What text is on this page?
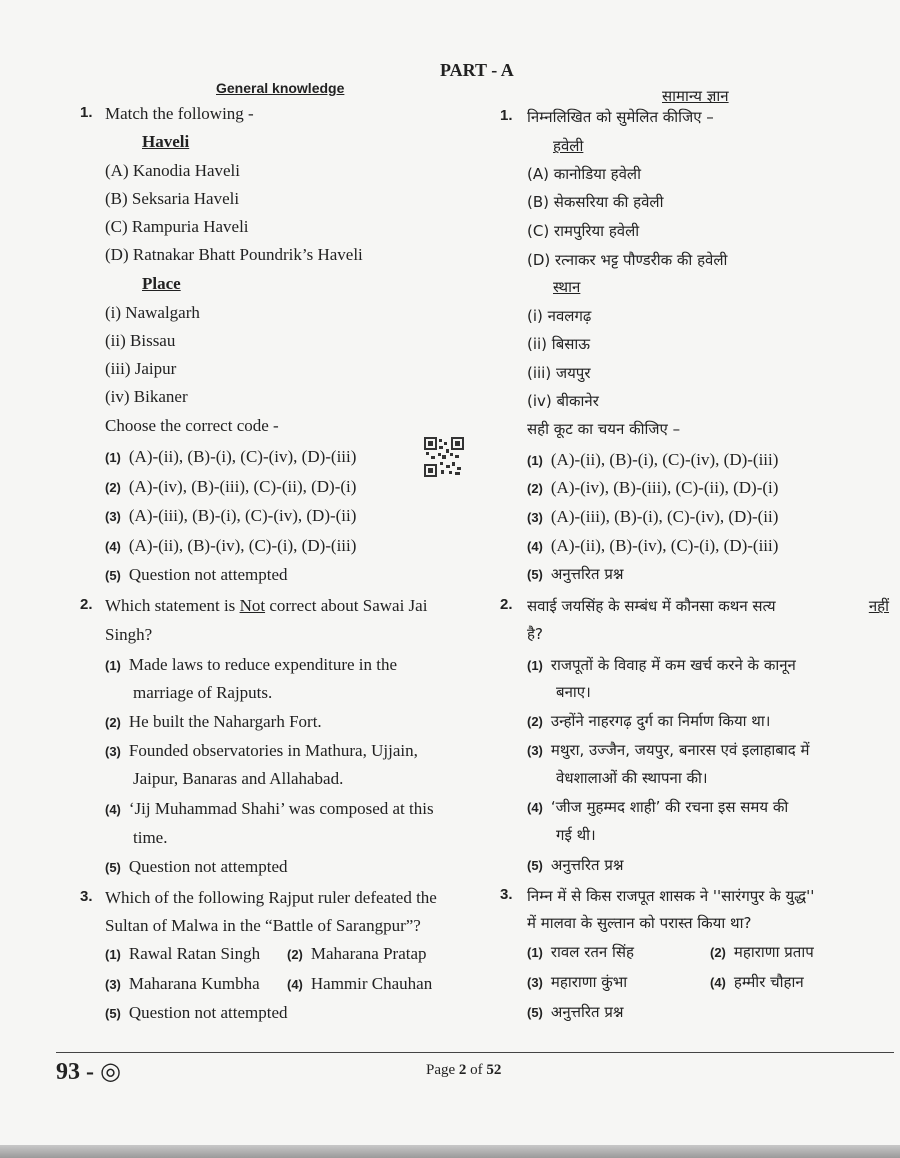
PART - A
General knowledge	सामान्य ज्ञान
1. Match the following -
Haveli
(A) Kanodia Haveli
(B) Seksaria Haveli
(C) Rampuria Haveli
(D) Ratnakar Bhatt Poundrik’s Haveli
Place
(i) Nawalgarh
(ii) Bissau
(iii) Jaipur
(iv) Bikaner
Choose the correct code -
(1) (A)-(ii), (B)-(i), (C)-(iv), (D)-(iii)
(2) (A)-(iv), (B)-(iii), (C)-(ii), (D)-(i)
(3) (A)-(iii), (B)-(i), (C)-(iv), (D)-(ii)
(4) (A)-(ii), (B)-(iv), (C)-(i), (D)-(iii)
(5) Question not attempted
2. Which statement is Not correct about Sawai Jai
Singh?
(1) Made laws to reduce expenditure in the
marriage of Rajputs.
(2) He built the Nahargarh Fort.
(3) Founded observatories in Mathura, Ujjain,
Jaipur, Banaras and Allahabad.
(4) ‘Jij Muhammad Shahi’ was composed at this
time.
(5) Question not attempted
3. Which of the following Rajput ruler defeated the
Sultan of Malwa in the “Battle of Sarangpur”?
(1) Rawal Ratan Singh (2) Maharana Pratap
(3) Maharana Kumbha (4) Hammir Chauhan
(5) Question not attempted
1. निम्नलिखित को सुमेलित कीजिए –
हवेली
(A) कानोडिया हवेली
(B) सेकसरिया की हवेली
(C) रामपुरिया हवेली
(D) रत्नाकर भट्ट पौण्डरीक की हवेली
स्थान
(i) नवलगढ़
(ii) बिसाऊ
(iii) जयपुर
(iv) बीकानेर
सही कूट का चयन कीजिए –
(1) (A)-(ii), (B)-(i), (C)-(iv), (D)-(iii)
(2) (A)-(iv), (B)-(iii), (C)-(ii), (D)-(i)
(3) (A)-(iii), (B)-(i), (C)-(iv), (D)-(ii)
(4) (A)-(ii), (B)-(iv), (C)-(i), (D)-(iii)
(5) अनुत्तरित प्रश्न
2. सवाई जयसिंह के सम्बंध में कौनसा कथन सत्य	नहीं
है?
(1) राजपूतों के विवाह में कम खर्च करने के कानून
बनाए।
(2) उन्होंने नाहरगढ़ दुर्ग का निर्माण किया था।
(3) मथुरा, उज्जैन, जयपुर, बनारस एवं इलाहाबाद में
वेधशालाओं की स्थापना की।
(4) ‘जीज मुहम्मद शाही’ की रचना इस समय की
गई थी।
(5) अनुत्तरित प्रश्न
3. निम्न में से किस राजपूत शासक ने ''सारंगपुर के युद्ध''
में मालवा के सुल्तान को परास्त किया था?
(1) रावल रतन सिंह	(2) महाराणा प्रताप
(3) महाराणा कुंभा	(4) हम्मीर चौहान
(5) अनुत्तरित प्रश्न
93 - ◎	Page 2 of 52
